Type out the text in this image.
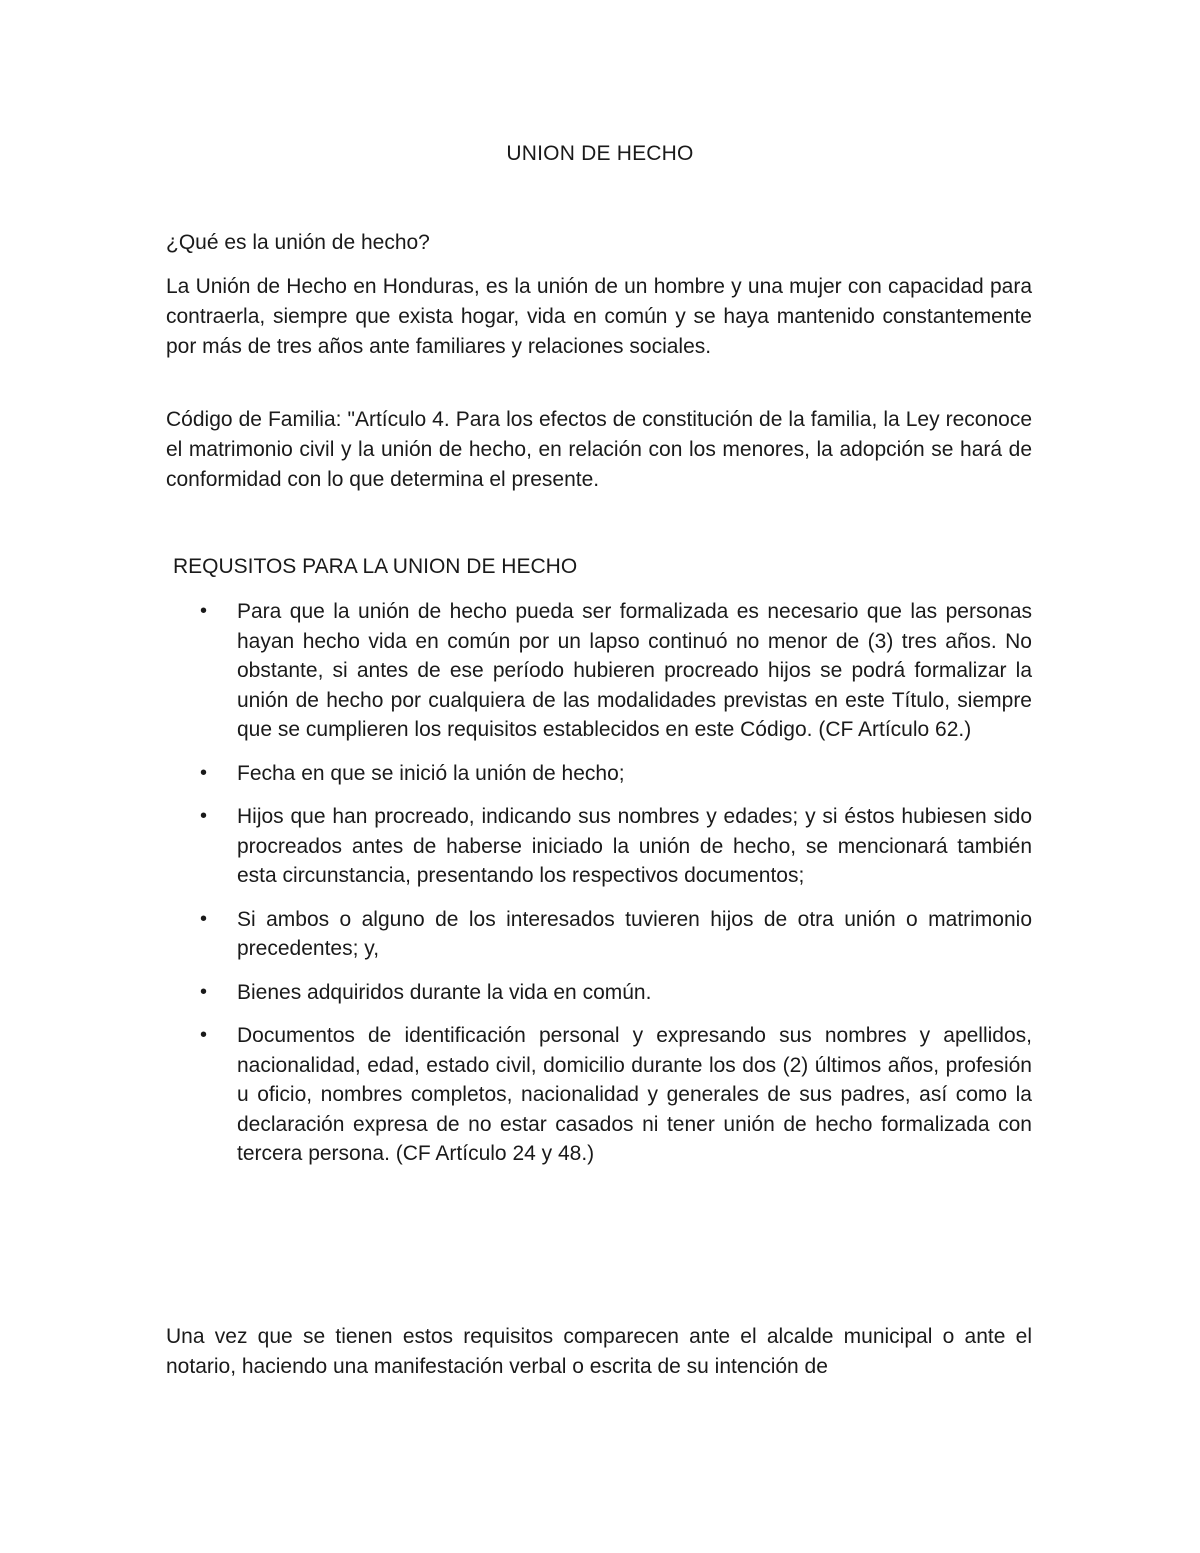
UNION DE HECHO
¿Qué es la unión de hecho?
La Unión de Hecho en Honduras, es la unión de un hombre y una mujer con capacidad para contraerla, siempre que exista hogar, vida en común y se haya mantenido constantemente por más de tres años ante familiares y relaciones sociales.
Código de Familia: "Artículo 4. Para los efectos de constitución de la familia, la Ley reconoce el matrimonio civil y la unión de hecho, en relación con los menores, la adopción se hará de conformidad con lo que determina el presente.
REQUSITOS PARA LA UNION DE HECHO
• Para que la unión de hecho pueda ser formalizada es necesario que las personas hayan hecho vida en común por un lapso continuó no menor de (3) tres años. No obstante, si antes de ese período hubieren procreado hijos se podrá formalizar la unión de hecho por cualquiera de las modalidades previstas en este Título, siempre que se cumplieren los requisitos establecidos en este Código. (CF Artículo 62.)
• Fecha en que se inició la unión de hecho;
• Hijos que han procreado, indicando sus nombres y edades; y si éstos hubiesen sido procreados antes de haberse iniciado la unión de hecho, se mencionará también esta circunstancia, presentando los respectivos documentos;
• Si ambos o alguno de los interesados tuvieren hijos de otra unión o matrimonio precedentes; y,
• Bienes adquiridos durante la vida en común.
• Documentos de identificación personal y expresando sus nombres y apellidos, nacionalidad, edad, estado civil, domicilio durante los dos (2) últimos años, profesión u oficio, nombres completos, nacionalidad y generales de sus padres, así como la declaración expresa de no estar casados ni tener unión de hecho formalizada con tercera persona. (CF Artículo 24 y 48.)
Una vez que se tienen estos requisitos comparecen ante el alcalde municipal o ante el notario, haciendo una manifestación verbal o escrita de su intención de
